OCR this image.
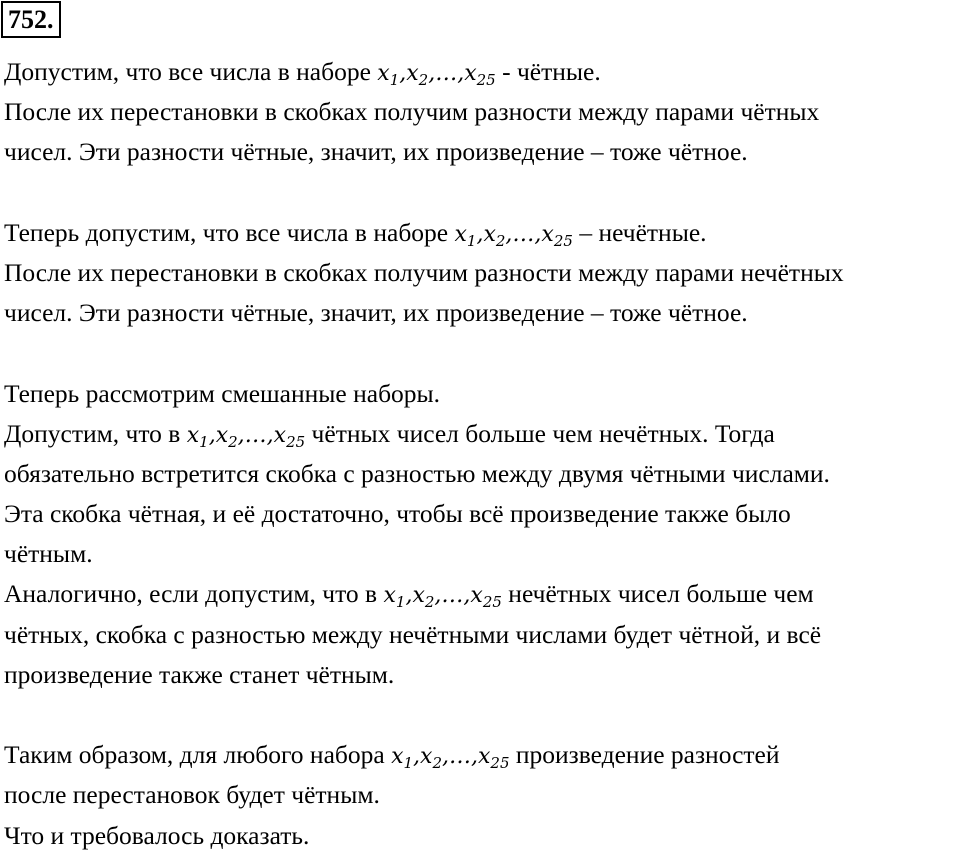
752.
Допустим, что все числа в наборе $x_1,x_2,\dots,x_{25}$ - чётные.
После их перестановки в скобках получим разности между парами чётных
чисел. Эти разности чётные, значит, их произведение – тоже чётное.
Теперь допустим, что все числа в наборе $x_1,x_2,\dots,x_{25}$ – нечётные.
После их перестановки в скобках получим разности между парами нечётных
чисел. Эти разности чётные, значит, их произведение – тоже чётное.
Теперь рассмотрим смешанные наборы.
Допустим, что в $x_1,x_2,\dots,x_{25}$ чётных чисел больше чем нечётных. Тогда
обязательно встретится скобка с разностью между двумя чётными числами.
Эта скобка чётная, и её достаточно, чтобы всё произведение также было
чётным.
Аналогично, если допустим, что в $x_1,x_2,\dots,x_{25}$ нечётных чисел больше чем
чётных, скобка с разностью между нечётными числами будет чётной, и всё
произведение также станет чётным.
Таким образом, для любого набора $x_1,x_2,\dots,x_{25}$ произведение разностей
после перестановок будет чётным.
Что и требовалось доказать.
